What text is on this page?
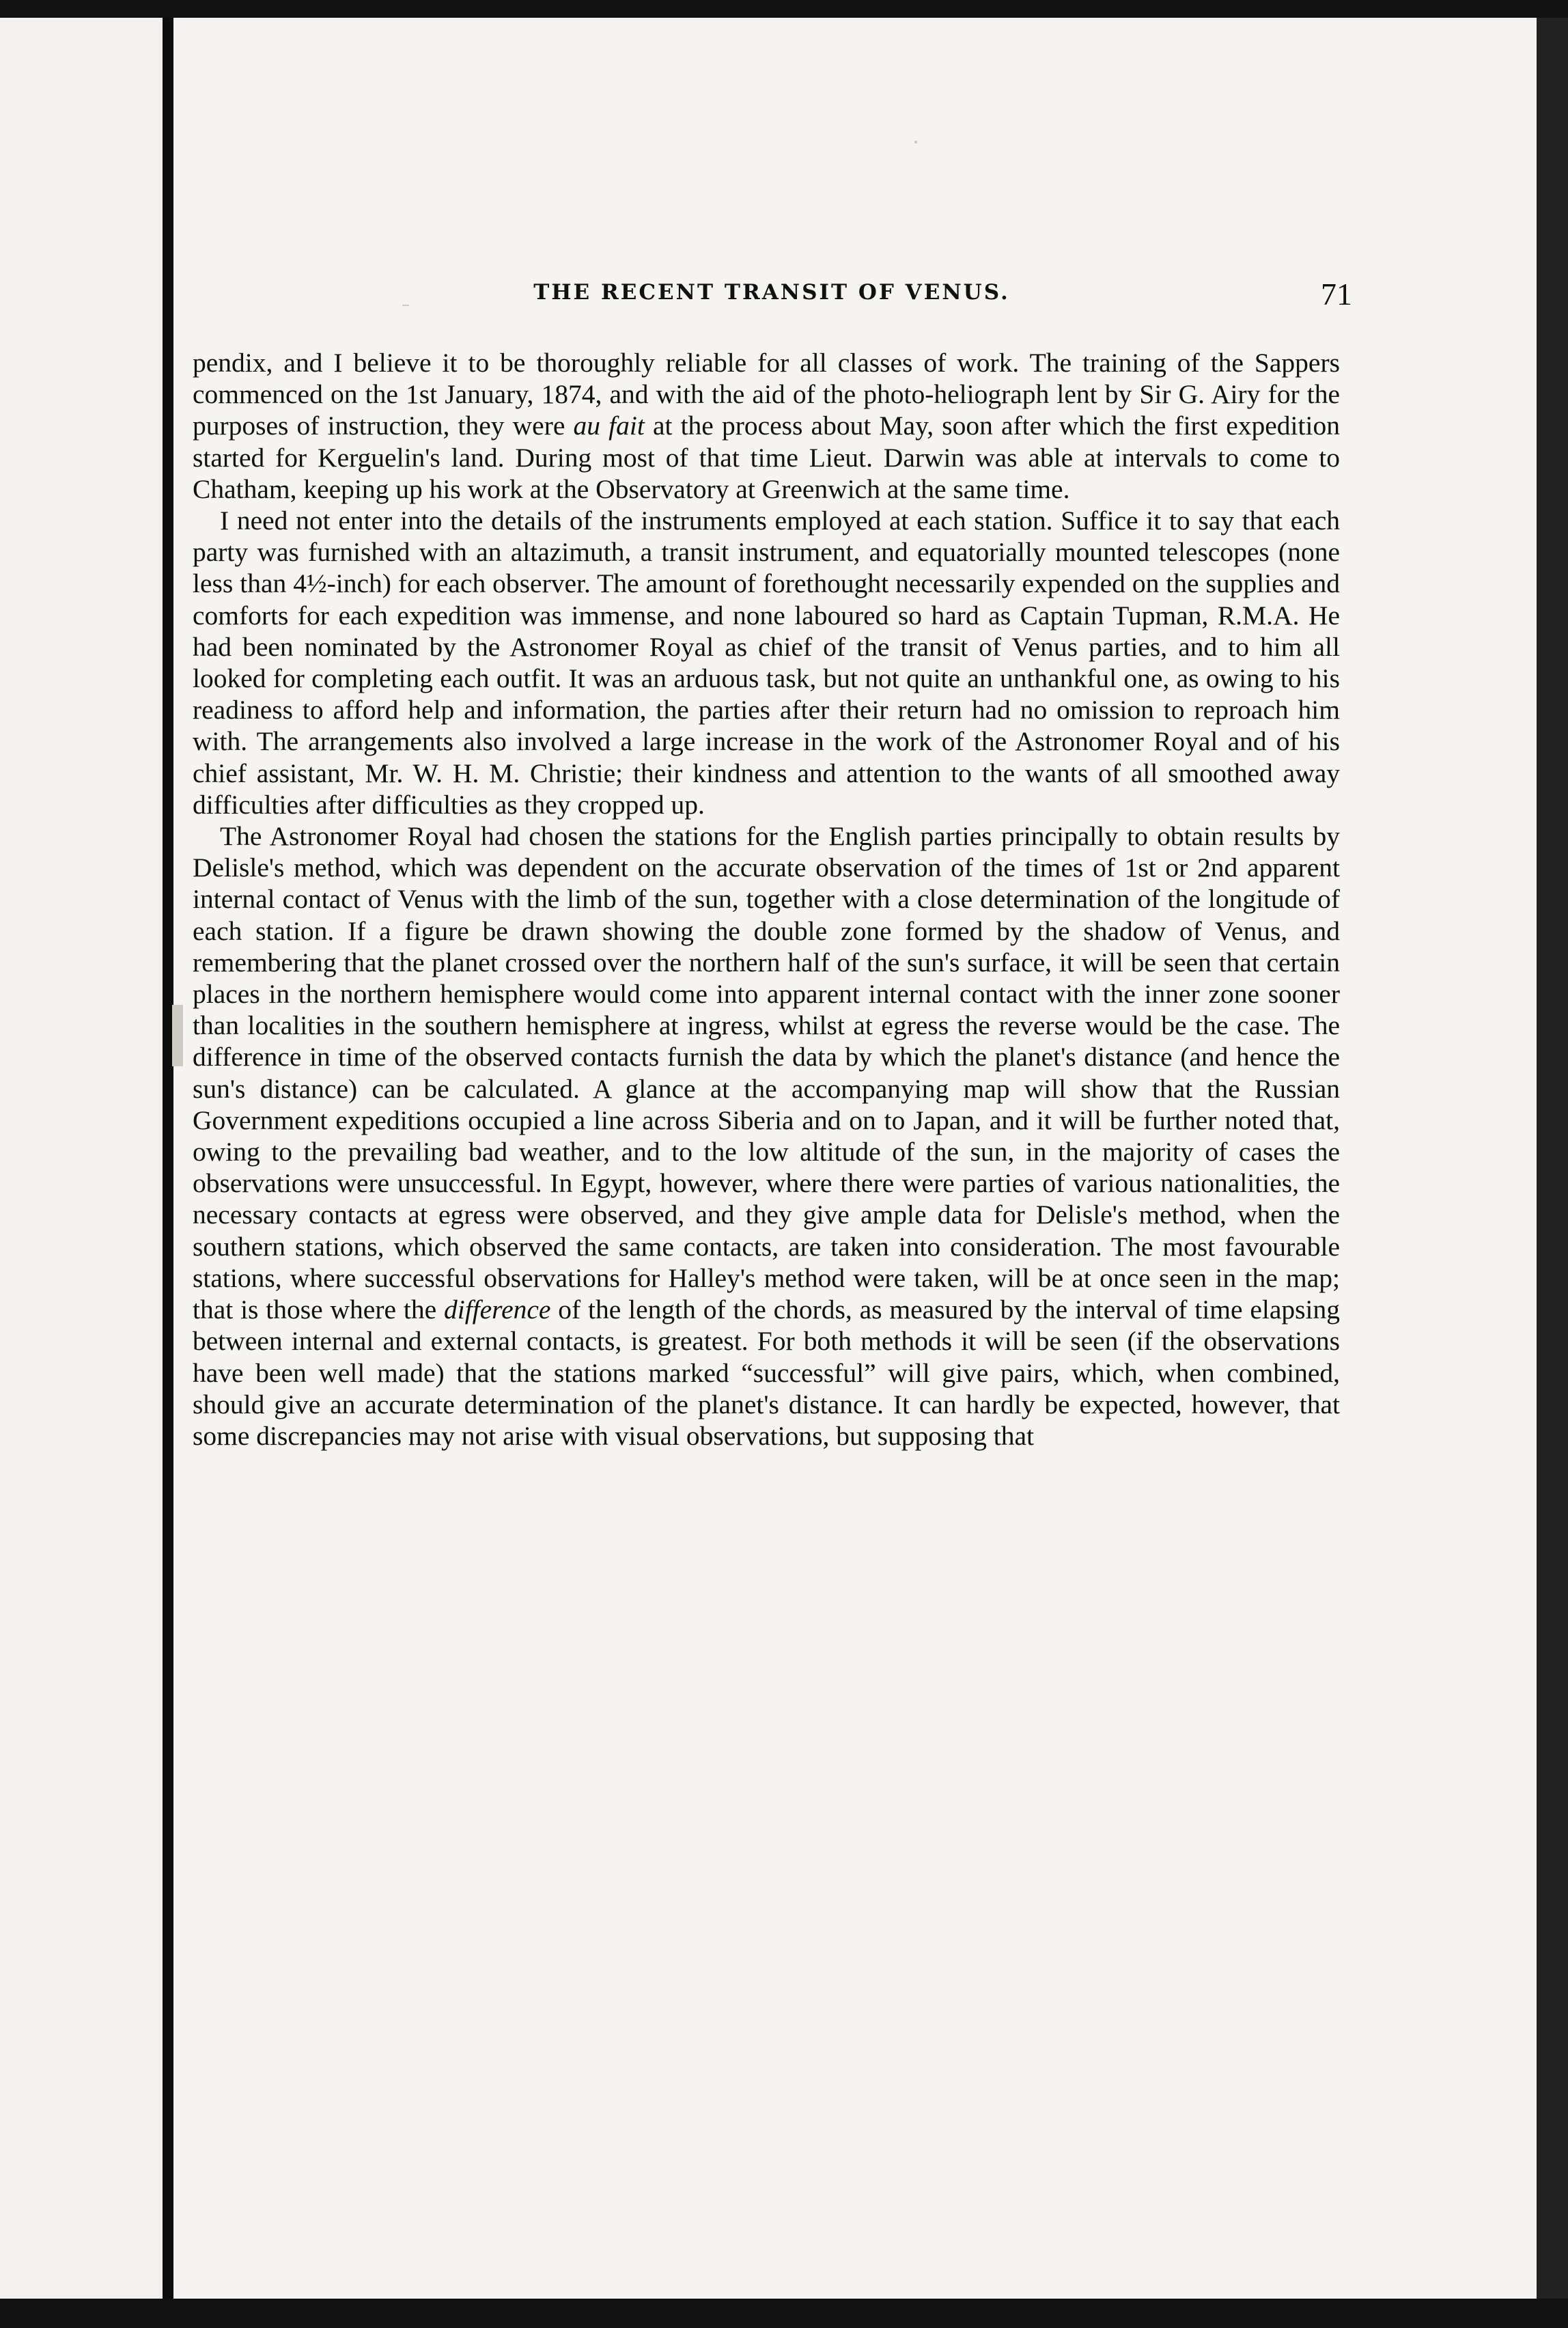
THE RECENT TRANSIT OF VENUS.	71

pendix, and I believe it to be thoroughly reliable for all classes of work. The training of the Sappers commenced on the 1st January, 1874, and with the aid of the photo-heliograph lent by Sir G. Airy for the purposes of instruction, they were au fait at the process about May, soon after which the first expedition started for Kerguelin's land. During most of that time Lieut. Darwin was able at intervals to come to Chatham, keeping up his work at the Observatory at Greenwich at the same time.

I need not enter into the details of the instruments employed at each station. Suffice it to say that each party was furnished with an altazimuth, a transit instrument, and equatorially mounted telescopes (none less than 4½-inch) for each observer. The amount of forethought necessarily expended on the supplies and comforts for each expedition was immense, and none laboured so hard as Captain Tupman, R.M.A. He had been nominated by the Astronomer Royal as chief of the transit of Venus parties, and to him all looked for completing each outfit. It was an arduous task, but not quite an unthankful one, as owing to his readiness to afford help and information, the parties after their return had no omission to reproach him with. The arrangements also involved a large increase in the work of the Astronomer Royal and of his chief assistant, Mr. W. H. M. Christie; their kindness and attention to the wants of all smoothed away difficulties after difficulties as they cropped up.

The Astronomer Royal had chosen the stations for the English parties principally to obtain results by Delisle's method, which was dependent on the accurate observation of the times of 1st or 2nd apparent internal contact of Venus with the limb of the sun, together with a close determination of the longitude of each station. If a figure be drawn showing the double zone formed by the shadow of Venus, and remembering that the planet crossed over the northern half of the sun's surface, it will be seen that certain places in the northern hemisphere would come into apparent internal contact with the inner zone sooner than localities in the southern hemisphere at ingress, whilst at egress the reverse would be the case. The difference in time of the observed contacts furnish the data by which the planet's distance (and hence the sun's distance) can be calculated. A glance at the accompanying map will show that the Russian Government expeditions occupied a line across Siberia and on to Japan, and it will be further noted that, owing to the prevailing bad weather, and to the low altitude of the sun, in the majority of cases the observations were unsuccessful. In Egypt, however, where there were parties of various nationalities, the necessary contacts at egress were observed, and they give ample data for Delisle's method, when the southern stations, which observed the same contacts, are taken into consideration. The most favourable stations, where successful observations for Halley's method were taken, will be at once seen in the map; that is those where the difference of the length of the chords, as measured by the interval of time elapsing between internal and external contacts, is greatest. For both methods it will be seen (if the observations have been well made) that the stations marked “successful” will give pairs, which, when combined, should give an accurate determination of the planet's distance. It can hardly be expected, however, that some discrepancies may not arise with visual observations, but supposing that
